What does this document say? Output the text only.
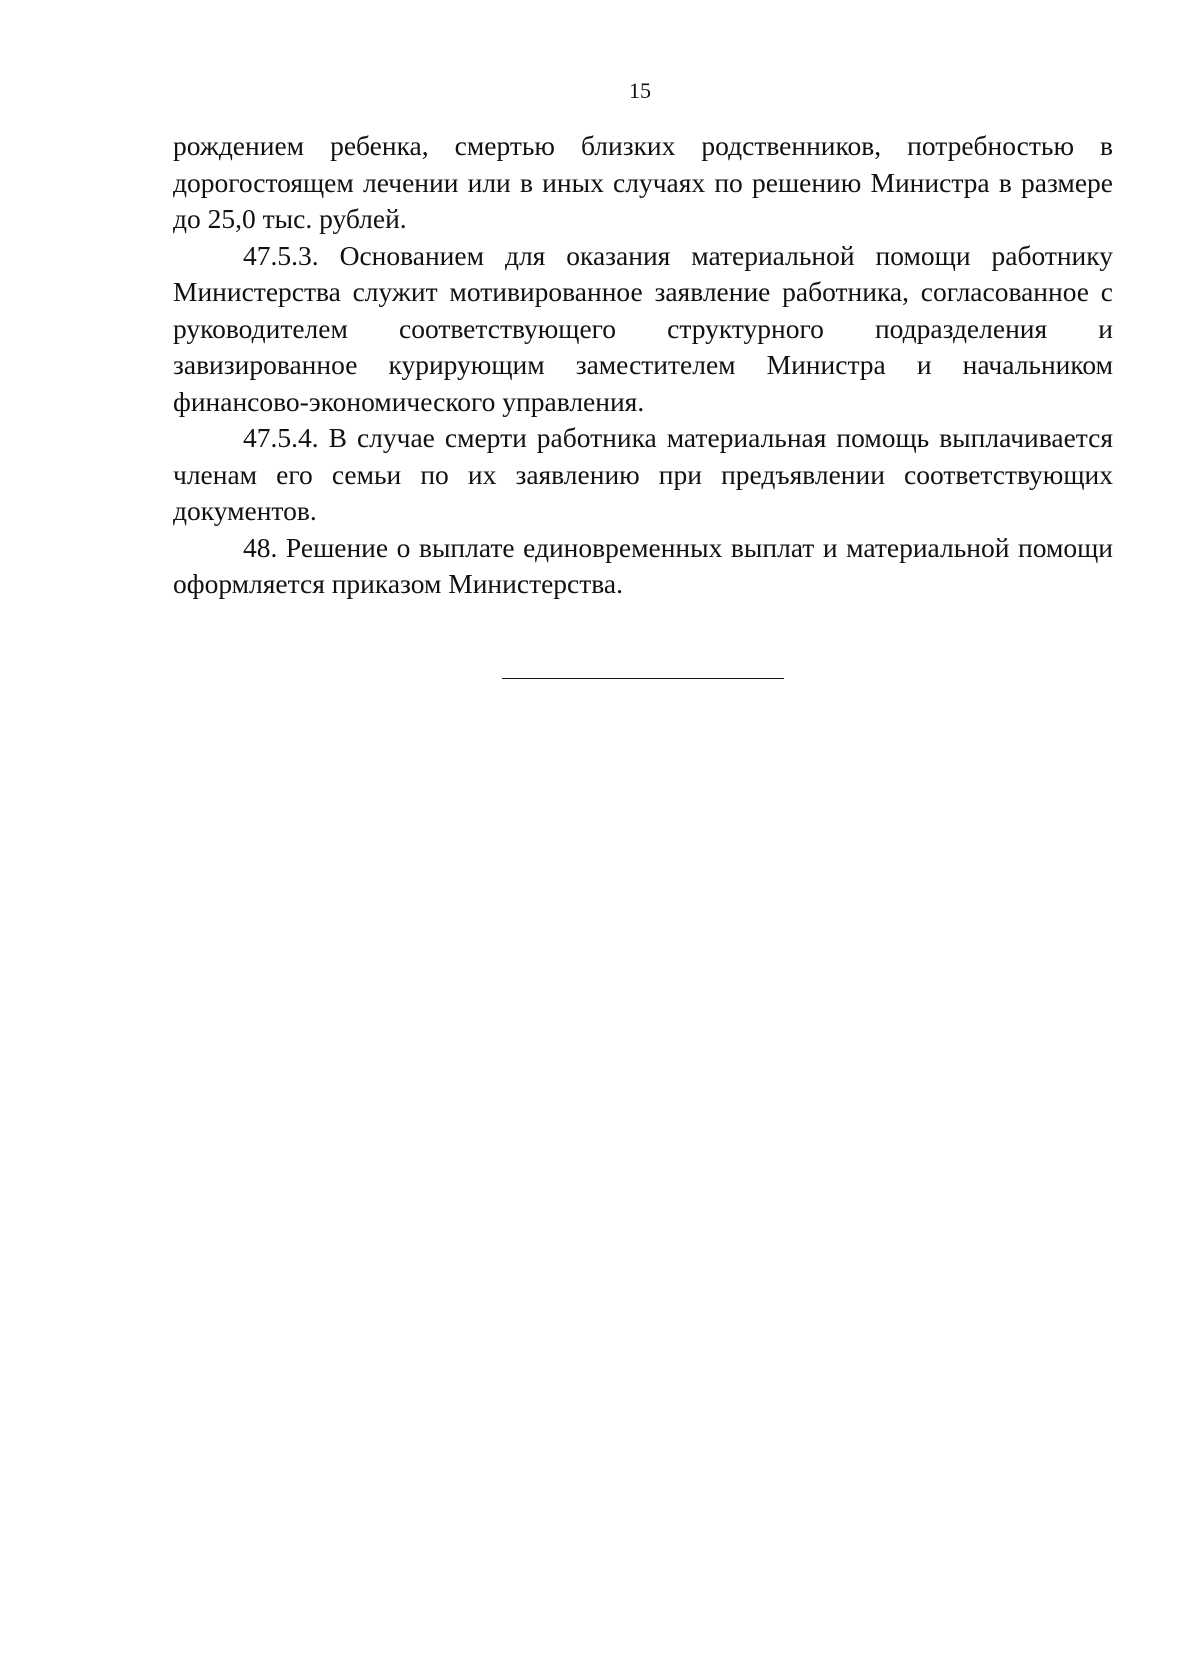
15

рождением ребенка, смертью близких родственников, потребностью в дорогостоящем лечении или в иных случаях по решению Министра в размере до 25,0 тыс. рублей.

47.5.3. Основанием для оказания материальной помощи работнику Министерства служит мотивированное заявление работника, согласованное с руководителем соответствующего структурного подразделения и завизированное курирующим заместителем Министра и начальником финансово-экономического управления.

47.5.4. В случае смерти работника материальная помощь выплачивается членам его семьи по их заявлению при предъявлении соответствующих документов.

48. Решение о выплате единовременных выплат и материальной помощи оформляется приказом Министерства.
